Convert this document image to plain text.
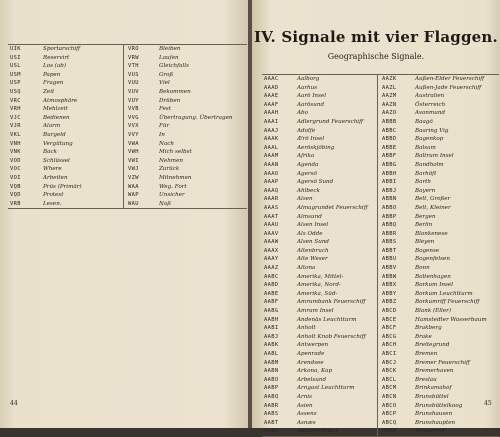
UIK	Sportarschiff	VRO	Bleiben
USI	Reservirt	VRW	Laufen
USL	Los (ab)	VTH	Gleichfalls
USM	Papen	VUS	Groß
USP	Fragen	VUU	Viel
USQ	Zeit	VUV	Bekommen
VRC	Atmosphäre	VUY	Drüben
VRH	Mehlzeit	VVB	Fest
VJC	Bedienen	VVG	Übertragung. Übertragen
VJR	Alarm	VVX	Für
VKL	Burgeld	VVY	In
VNH	Vergütung	VWA	Nach
VNK	Back	VWH	Mich selbst
VOD	Schlüssel	VWI	Nehmen
VOC	Where	VWJ	Zurück
VOI	Arbeiten	VZW	Mitnehmen
VQB	Prüs (Primär)	WAA	Weg. Fort
VQD	Protest	WAP	Unsicher
VRB	Lesen.	WAU	Naß
44
IV. Signale mit vier Flaggen.
Geographische Signale.
AAAC	Aalborg	AAZK	Außen-Elder Feuerschiff
AAAD	Aarhus	AAZL	Außen-Jade Feuerschiff
AAAE	Aarö Insel	AAZM	Australien
AAAF	Aarösund	AAZN	Österreich
AAAH	Abo	AAZO	Avonmund
AAAI	Adlergrund Feuerschiff	ABBB	Baagö
AAAJ	Adolfe	ABBC	Baaring Vig
AAAK	Ærö Insel	ABBD	Bagenkop
AAAL	Aeröskjöbing	ABBE	Balsam
AAAM	Afrika	ABBF	Baltrum Insel
AAAN	Agenda	ABBG	Bandholm
AAAO	Agersö	ABBH	Barhöft
AAAP	Agersö Sund	ABBI	Barth
AAAQ	Ahlbeck	ABBJ	Bayern
AAAR	Alsen	ABBN	Belt, Großer
AAAS	Almagrundet Feuerschiff	ABBO	Belt, Kleiner
AAAT	Almsund	ABBP	Bergen
AAAU	Alsen Insel	ABBQ	Berlin
AAAV	Als Odde	ABBR	Blankenese
AAAW	Alsen Sund	ABBS	Bleyen
AAAX	Altenbruch	ABBT	Bogense
AAAY	Alte Weser	ABBU	Bogenfelsen
AAAZ	Altona	ABBV	Bonn
AABC	Amerika, Mittel-	ABBW	Boltenhagen
AABD	Amerika, Nord-	ABBX	Borkum Insel
AABE	Amerika, Süd-	ABBY	Borkum Leuchtturm
AABF	Amrumbank Feuerschiff	ABBZ	Borkumriff Feuerschiff
AABG	Amrum Insel	ABCD	Blank (Eller)
AABH	Andenäs Leuchtturm	ABCE	Hamstedter Wasserbaum
AABI	Anholt	ABCF	Brakberg
AABJ	Anholt Knob Feuerschiff	ABCG	Brake
AABK	Antwerpen	ABCH	Breitegrund
AABL	Apenrade	ABCI	Bremen
AABM	Arendsee	ABCJ	Bremer Feuerschiff
AABN	Arkona, Kap	ABCK	Bremerhaven
AABO	Arbelsund	ABCL	Breslau
AABP	Arngast Leuchtturm	ABCM	Brinkamahof
AABQ	Arnis	ABCN	Brunsbüttel
AABR	Asien	ABCO	Brunsbüttelkoog
AABS	Assens	ABCP	Brunshausen
AABT	Asnæs	ABCQ	Brunshaupten
AABU	Augustenburg	ABCR	Brusterort
45
